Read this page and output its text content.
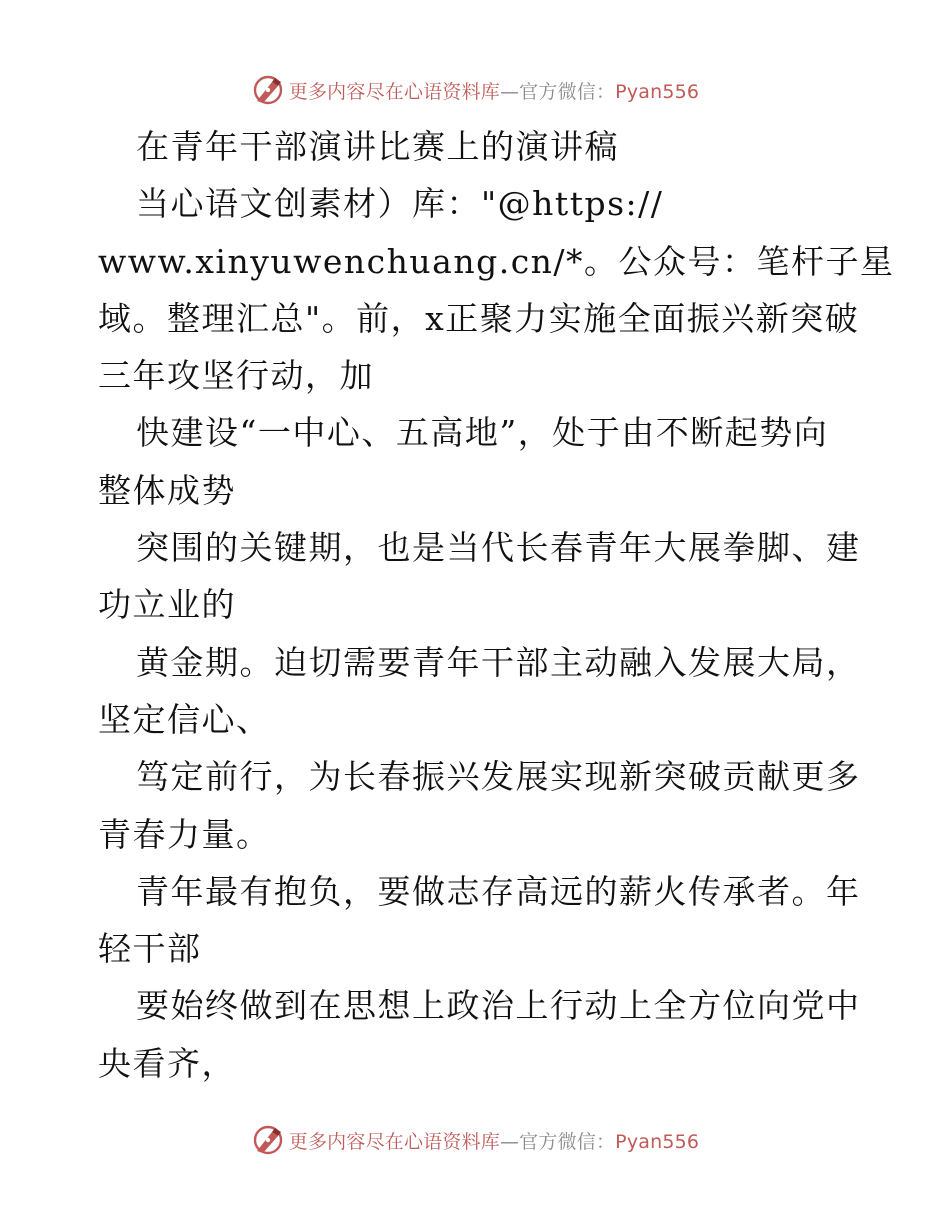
更多内容尽在心语资料库—官方微信：Pyan556
在青年干部演讲比赛上的演讲稿
当心语文创素材）库："@https://
www.xinyuwenchuang.cn/*。公众号：笔杆子星
域。整理汇总"。前，x正聚力实施全面振兴新突破
三年攻坚行动，加
快建设“一中心、五高地”，处于由不断起势向
整体成势
突围的关键期，也是当代长春青年大展拳脚、建
功立业的
黄金期。迫切需要青年干部主动融入发展大局，
坚定信心、
笃定前行，为长春振兴发展实现新突破贡献更多
青春力量。
青年最有抱负，要做志存高远的薪火传承者。年
轻干部
要始终做到在思想上政治上行动上全方位向党中
央看齐，
更多内容尽在心语资料库—官方微信：Pyan556
